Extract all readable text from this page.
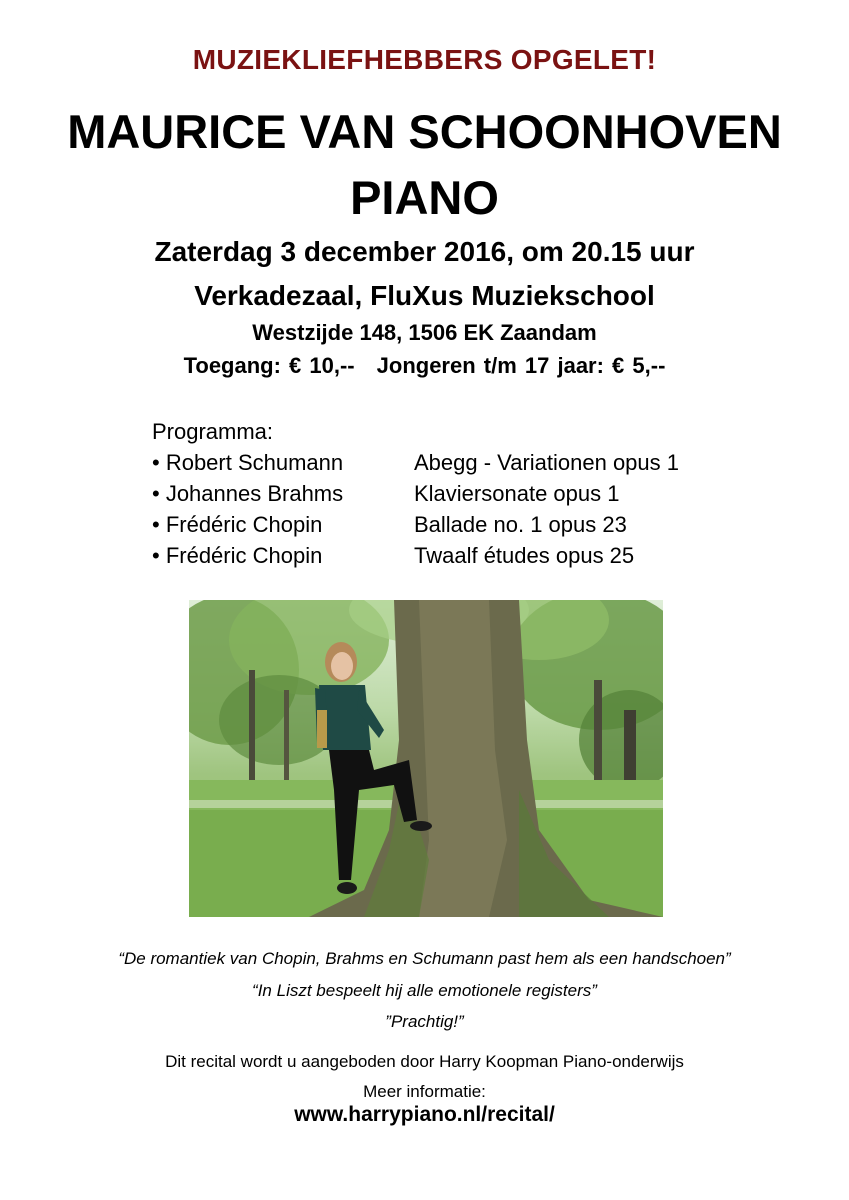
MUZIEKLIEFHEBBERS OPGELET!
MAURICE VAN SCHOONHOVEN
PIANO
Zaterdag 3 december 2016, om 20.15 uur
Verkadezaal, FluXus Muziekschool
Westzijde 148, 1506 EK Zaandam
Toegang: € 10,-- Jongeren t/m 17 jaar: € 5,--
Programma:
• Robert Schumann	Abegg - Variationen opus 1
• Johannes Brahms	Klaviersonate opus 1
• Frédéric Chopin	Ballade no. 1 opus 23
• Frédéric Chopin	Twaalf études opus 25
“De romantiek van Chopin, Brahms en Schumann past hem als een handschoen”
“In Liszt bespeelt hij alle emotionele registers”
”Prachtig!”
Dit recital wordt u aangeboden door Harry Koopman Piano-onderwijs
Meer informatie:
www.harrypiano.nl/recital/
